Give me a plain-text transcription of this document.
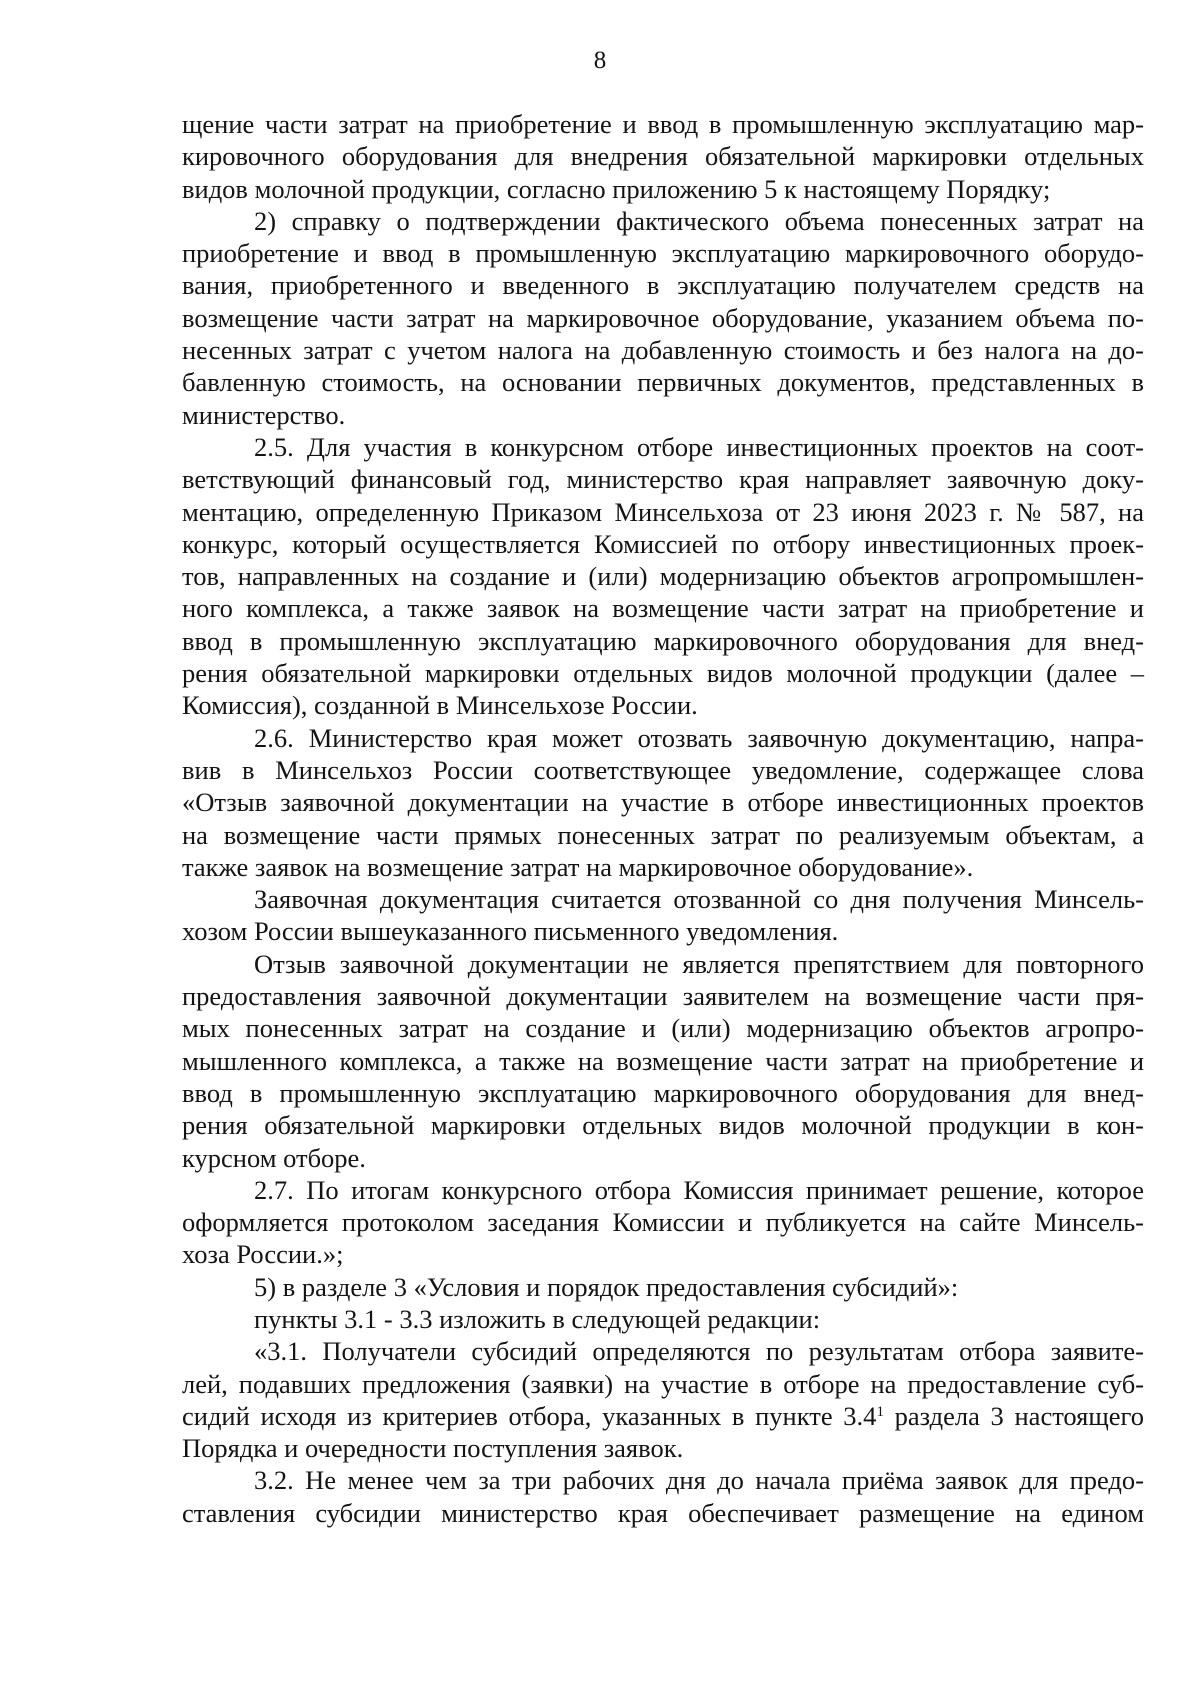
8
щение части затрат на приобретение и ввод в промышленную эксплуатацию мар-
кировочного оборудования для внедрения обязательной маркировки отдельных
видов молочной продукции, согласно приложению 5 к настоящему Порядку;
2) справку о подтверждении фактического объема понесенных затрат на
приобретение и ввод в промышленную эксплуатацию маркировочного оборудо-
вания, приобретенного и введенного в эксплуатацию получателем средств на
возмещение части затрат на маркировочное оборудование, указанием объема по-
несенных затрат с учетом налога на добавленную стоимость и без налога на до-
бавленную стоимость, на основании первичных документов, представленных в
министерство.
2.5. Для участия в конкурсном отборе инвестиционных проектов на соот-
ветствующий финансовый год, министерство края направляет заявочную доку-
ментацию, определенную Приказом Минсельхоза от 23 июня 2023 г. № 587, на
конкурс, который осуществляется Комиссией по отбору инвестиционных проек-
тов, направленных на создание и (или) модернизацию объектов агропромышлен-
ного комплекса, а также заявок на возмещение части затрат на приобретение и
ввод в промышленную эксплуатацию маркировочного оборудования для внед-
рения обязательной маркировки отдельных видов молочной продукции (далее –
Комиссия), созданной в Минсельхозе России.
2.6. Министерство края может отозвать заявочную документацию, напра-
вив в Минсельхоз России соответствующее уведомление, содержащее слова
«Отзыв заявочной документации на участие в отборе инвестиционных проектов
на возмещение части прямых понесенных затрат по реализуемым объектам, а
также заявок на возмещение затрат на маркировочное оборудование».
Заявочная документация считается отозванной со дня получения Минсель-
хозом России вышеуказанного письменного уведомления.
Отзыв заявочной документации не является препятствием для повторного
предоставления заявочной документации заявителем на возмещение части пря-
мых понесенных затрат на создание и (или) модернизацию объектов агропро-
мышленного комплекса, а также на возмещение части затрат на приобретение и
ввод в промышленную эксплуатацию маркировочного оборудования для внед-
рения обязательной маркировки отдельных видов молочной продукции в кон-
курсном отборе.
2.7. По итогам конкурсного отбора Комиссия принимает решение, которое
оформляется протоколом заседания Комиссии и публикуется на сайте Минсель-
хоза России.»;
5) в разделе 3 «Условия и порядок предоставления субсидий»:
пункты 3.1 - 3.3 изложить в следующей редакции:
«3.1. Получатели субсидий определяются по результатам отбора заявите-
лей, подавших предложения (заявки) на участие в отборе на предоставление суб-
сидий исходя из критериев отбора, указанных в пункте $3.4^1$ раздела 3 настоящего
Порядка и очередности поступления заявок.
3.2. Не менее чем за три рабочих дня до начала приёма заявок для предо-
ставления субсидии министерство края обеспечивает размещение на едином
